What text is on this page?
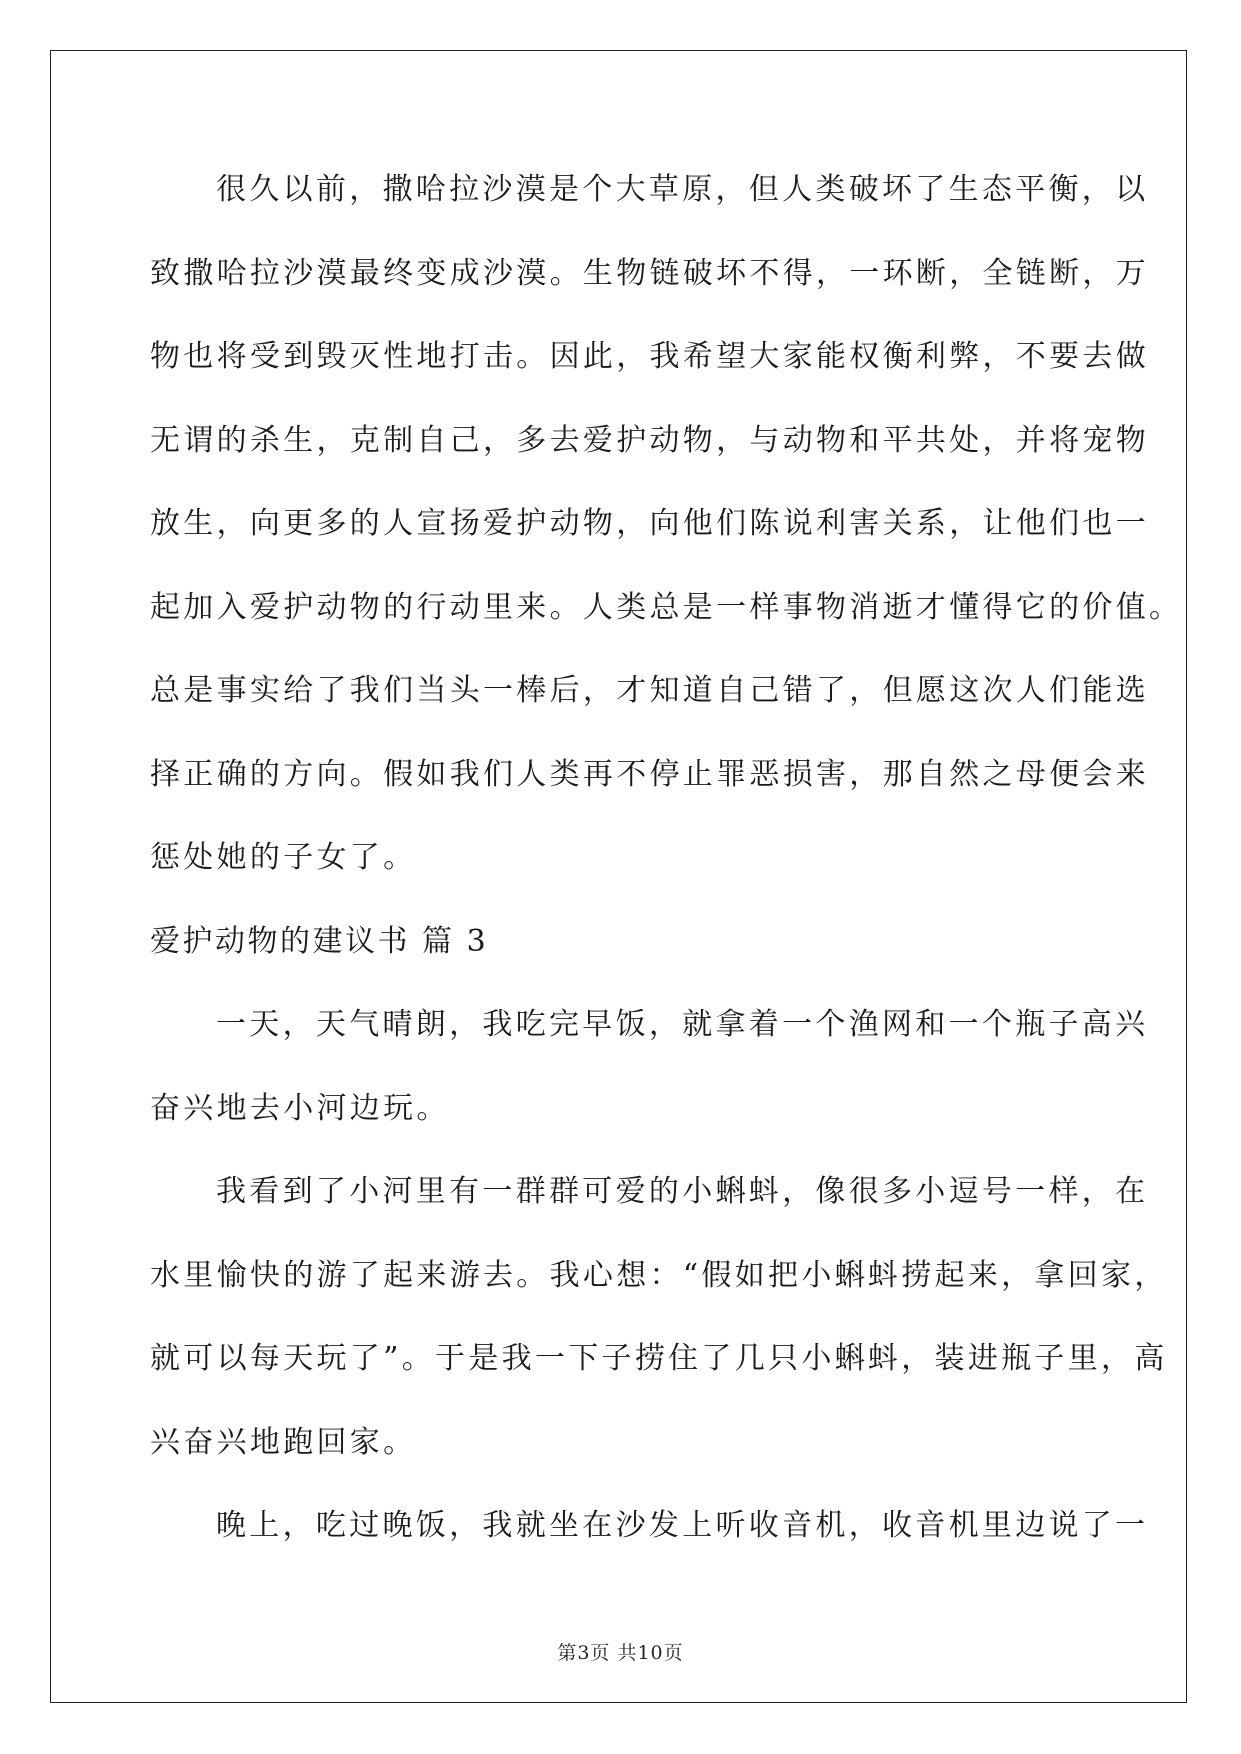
很久以前，撒哈拉沙漠是个大草原，但人类破坏了生态平衡，以
致撒哈拉沙漠最终变成沙漠。生物链破坏不得，一环断，全链断，万
物也将受到毁灭性地打击。因此，我希望大家能权衡利弊，不要去做
无谓的杀生，克制自己，多去爱护动物，与动物和平共处，并将宠物
放生，向更多的人宣扬爱护动物，向他们陈说利害关系，让他们也一
起加入爱护动物的行动里来。人类总是一样事物消逝才懂得它的价值。
总是事实给了我们当头一棒后，才知道自己错了，但愿这次人们能选
择正确的方向。假如我们人类再不停止罪恶损害，那自然之母便会来
惩处她的子女了。
爱护动物的建议书 篇 3
一天，天气晴朗，我吃完早饭，就拿着一个渔网和一个瓶子高兴
奋兴地去小河边玩。
我看到了小河里有一群群可爱的小蝌蚪，像很多小逗号一样，在
水里愉快的游了起来游去。我心想：“假如把小蝌蚪捞起来，拿回家，
就可以每天玩了”。于是我一下子捞住了几只小蝌蚪，装进瓶子里，高
兴奋兴地跑回家。
晚上，吃过晚饭，我就坐在沙发上听收音机，收音机里边说了一
第3页 共10页
